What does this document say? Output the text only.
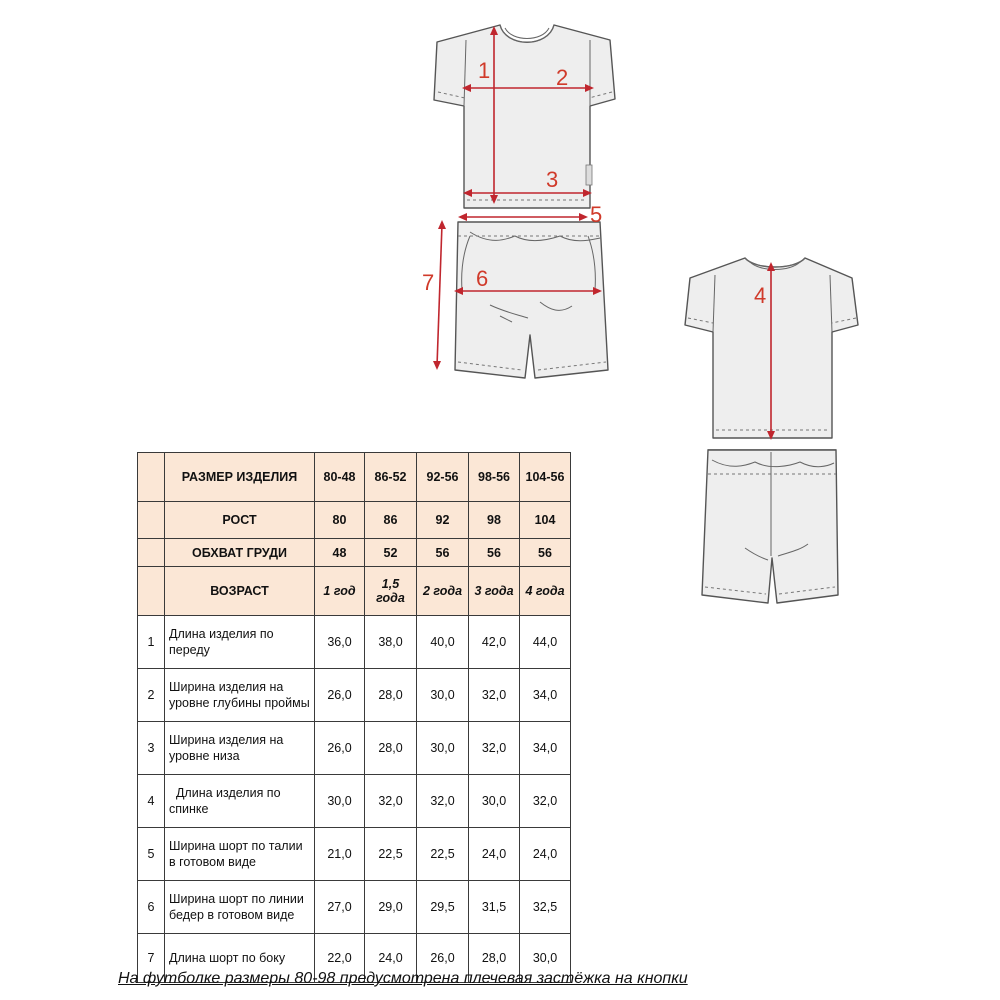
1	2
3
4
5
6
7
	РАЗМЕР ИЗДЕЛИЯ	80-48	86-52	92-56	98-56	104-56
	РОСТ	80	86	92	98	104
	ОБХВАТ ГРУДИ	48	52	56	56	56
	ВОЗРАСТ	1 год	1,5 года	2 года	3 года	4 года
1	Длина изделия по переду	36,0	38,0	40,0	42,0	44,0
2	Ширина изделия на уровне глубины проймы	26,0	28,0	30,0	32,0	34,0
3	Ширина изделия на уровне низа	26,0	28,0	30,0	32,0	34,0
4	Длина изделия по спинке	30,0	32,0	32,0	30,0	32,0
5	Ширина шорт по талии в готовом виде	21,0	22,5	22,5	24,0	24,0
6	Ширина шорт по линии бедер в готовом виде	27,0	29,0	29,5	31,5	32,5
7	Длина шорт по боку	22,0	24,0	26,0	28,0	30,0
На футболке размеры 80-98 предусмотрена плечевая застёжка на кнопки
